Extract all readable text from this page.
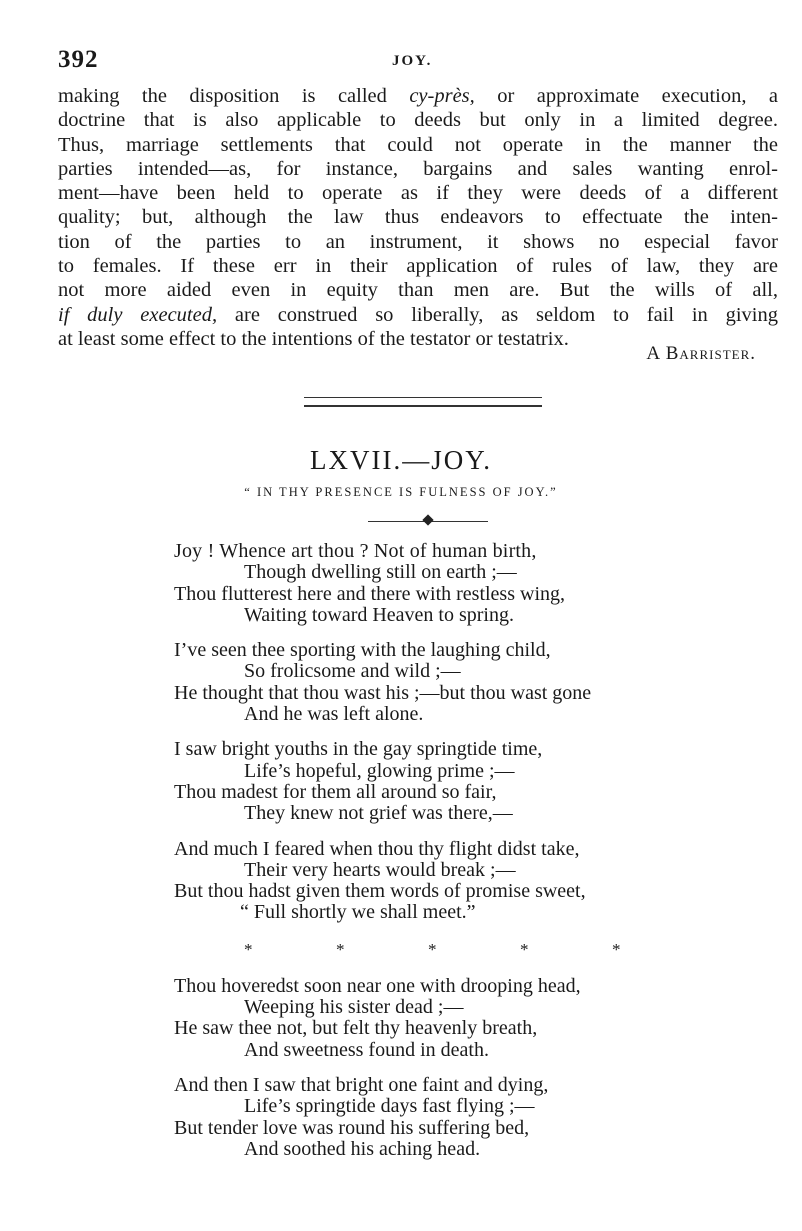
392	JOY.
making the disposition is called cy-près, or approximate execution, a
doctrine that is also applicable to deeds but only in a limited degree.
Thus, marriage settlements that could not operate in the manner the
parties intended—as, for instance, bargains and sales wanting enrol-
ment—have been held to operate as if they were deeds of a different
quality; but, although the law thus endeavors to effectuate the inten-
tion of the parties to an instrument, it shows no especial favor
to females. If these err in their application of rules of law, they are
not more aided even in equity than men are. But the wills of all,
if duly executed, are construed so liberally, as seldom to fail in giving
at least some effect to the intentions of the testator or testatrix.
A Barrister.
LXVII.—JOY.
“ IN THY PRESENCE IS FULNESS OF JOY.”
Joy ! Whence art thou ? Not of human birth,
Though dwelling still on earth ;—
Thou flutterest here and there with restless wing,
Waiting toward Heaven to spring.
I’ve seen thee sporting with the laughing child,
So frolicsome and wild ;—
He thought that thou wast his ;—but thou wast gone
And he was left alone.
I saw bright youths in the gay springtide time,
Life’s hopeful, glowing prime ;—
Thou madest for them all around so fair,
They knew not grief was there,—
And much I feared when thou thy flight didst take,
Their very hearts would break ;—
But thou hadst given them words of promise sweet,
“ Full shortly we shall meet.”
*	*	*	*	*
Thou hoveredst soon near one with drooping head,
Weeping his sister dead ;—
He saw thee not, but felt thy heavenly breath,
And sweetness found in death.
And then I saw that bright one faint and dying,
Life’s springtide days fast flying ;—
But tender love was round his suffering bed,
And soothed his aching head.
